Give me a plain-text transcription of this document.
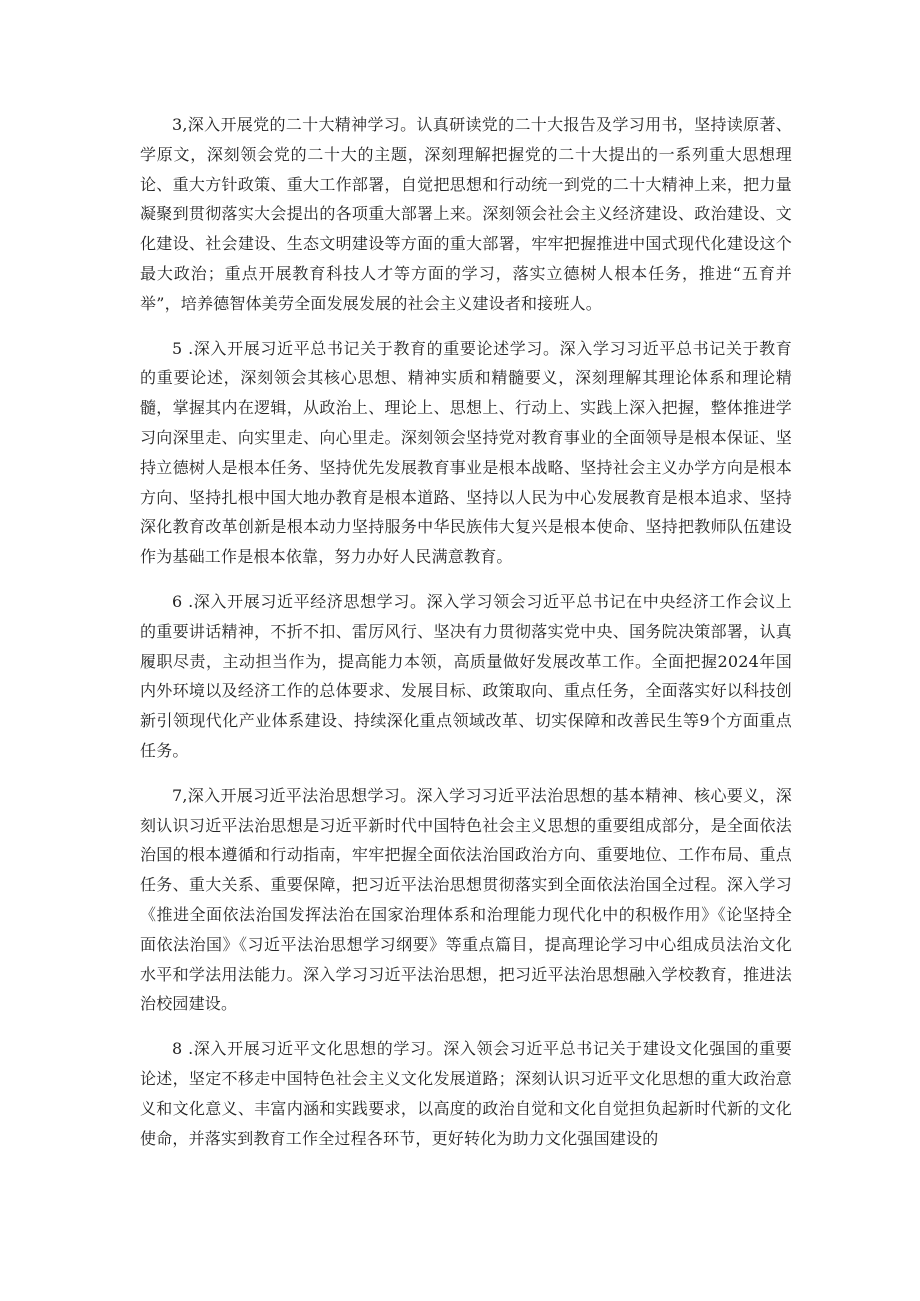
3,深入开展党的二十大精神学习。认真研读党的二十大报告及学习用书，坚持读原著、学原文，深刻领会党的二十大的主题，深刻理解把握党的二十大提出的一系列重大思想理论、重大方针政策、重大工作部署，自觉把思想和行动统一到党的二十大精神上来，把力量凝聚到贯彻落实大会提出的各项重大部署上来。深刻领会社会主义经济建设、政治建设、文化建设、社会建设、生态文明建设等方面的重大部署，牢牢把握推进中国式现代化建设这个最大政治；重点开展教育科技人才等方面的学习，落实立德树人根本任务，推进“五育并举”，培养德智体美劳全面发展发展的社会主义建设者和接班人。

5 .深入开展习近平总书记关于教育的重要论述学习。深入学习习近平总书记关于教育的重要论述，深刻领会其核心思想、精神实质和精髓要义，深刻理解其理论体系和理论精髓，掌握其内在逻辑，从政治上、理论上、思想上、行动上、实践上深入把握，整体推进学习向深里走、向实里走、向心里走。深刻领会坚持党对教育事业的全面领导是根本保证、坚持立德树人是根本任务、坚持优先发展教育事业是根本战略、坚持社会主义办学方向是根本方向、坚持扎根中国大地办教育是根本道路、坚持以人民为中心发展教育是根本追求、坚持深化教育改革创新是根本动力坚持服务中华民族伟大复兴是根本使命、坚持把教师队伍建设作为基础工作是根本依靠，努力办好人民满意教育。

6 .深入开展习近平经济思想学习。深入学习领会习近平总书记在中央经济工作会议上的重要讲话精神，不折不扣、雷厉风行、坚决有力贯彻落实党中央、国务院决策部署，认真履职尽责，主动担当作为，提高能力本领，高质量做好发展改革工作。全面把握2024年国内外环境以及经济工作的总体要求、发展目标、政策取向、重点任务，全面落实好以科技创新引领现代化产业体系建设、持续深化重点领域改革、切实保障和改善民生等9个方面重点任务。

7,深入开展习近平法治思想学习。深入学习习近平法治思想的基本精神、核心要义，深刻认识习近平法治思想是习近平新时代中国特色社会主义思想的重要组成部分，是全面依法治国的根本遵循和行动指南，牢牢把握全面依法治国政治方向、重要地位、工作布局、重点任务、重大关系、重要保障，把习近平法治思想贯彻落实到全面依法治国全过程。深入学习《推进全面依法治国发挥法治在国家治理体系和治理能力现代化中的积极作用》《论坚持全面依法治国》《习近平法治思想学习纲要》等重点篇目，提高理论学习中心组成员法治文化水平和学法用法能力。深入学习习近平法治思想，把习近平法治思想融入学校教育，推进法治校园建设。

8 .深入开展习近平文化思想的学习。深入领会习近平总书记关于建设文化强国的重要论述，坚定不移走中国特色社会主义文化发展道路；深刻认识习近平文化思想的重大政治意义和文化意义、丰富内涵和实践要求，以高度的政治自觉和文化自觉担负起新时代新的文化使命，并落实到教育工作全过程各环节，更好转化为助力文化强国建设的
